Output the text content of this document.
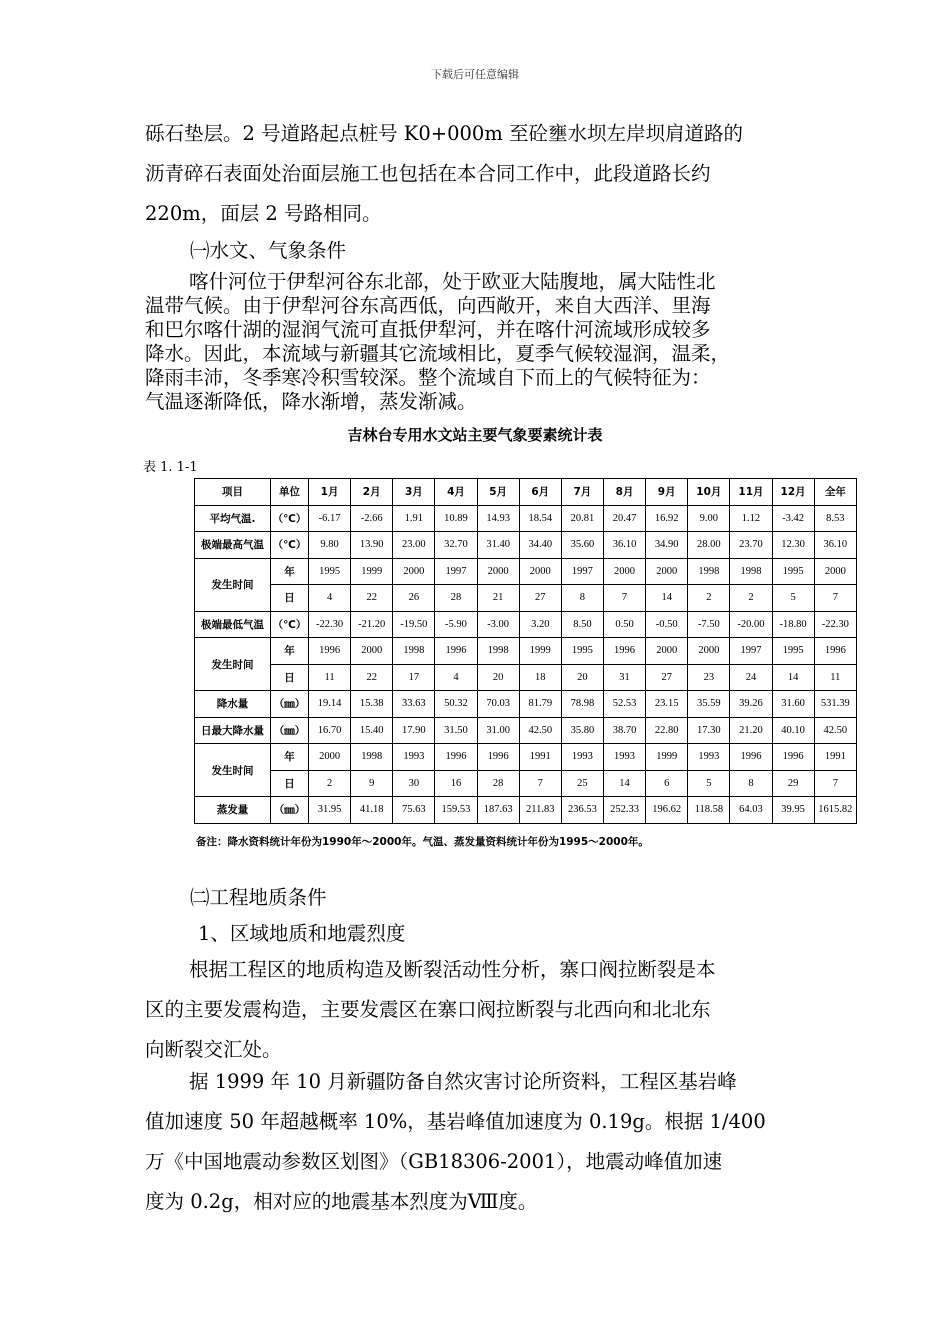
下载后可任意编辑
砾石垫层。2 号道路起点桩号 K0+000m 至砼壅水坝左岸坝肩道路的
沥青碎石表面处治面层施工也包括在本合同工作中，此段道路长约
220m，面层 2 号路相同。
㈠水文、气象条件
喀什河位于伊犁河谷东北部，处于欧亚大陆腹地，属大陆性北
温带气候。由于伊犁河谷东高西低，向西敞开，来自大西洋、里海
和巴尔喀什湖的湿润气流可直抵伊犁河，并在喀什河流域形成较多
降水。因此，本流域与新疆其它流域相比，夏季气候较湿润，温柔，
降雨丰沛，冬季寒冷积雪较深。整个流域自下而上的气候特征为：
气温逐渐降低，降水渐增，蒸发渐减。
吉林台专用水文站主要气象要素统计表
表 1. 1-1
项目	单位	1月	2月	3月	4月	5月	6月	7月	8月	9月	10月	11月	12月	全年
平均气温.	（℃）	-6.17	-2.66	1.91	10.89	14.93	18.54	20.81	20.47	16.92	9.00	1.12	-3.42	8.53
极端最高气温	（℃）	9.80	13.90	23.00	32.70	31.40	34.40	35.60	36.10	34.90	28.00	23.70	12.30	36.10
发生时间	年	1995	1999	2000	1997	2000	2000	1997	2000	2000	1998	1998	1995	2000
	日	4	22	26	28	21	27	8	7	14	2	2	5	7
极端最低气温	（℃）	-22.30	-21.20	-19.50	-5.90	-3.00	3.20	8.50	0.50	-0.50	-7.50	-20.00	-18.80	-22.30
发生时间	年	1996	2000	1998	1996	1998	1999	1995	1996	2000	2000	1997	1995	1996
	日	11	22	17	4	20	18	20	31	27	23	24	14	11
降水量	（㎜）	19.14	15.38	33.63	50.32	70.03	81.79	78.98	52.53	23.15	35.59	39.26	31.60	531.39
日最大降水量	（㎜）	16.70	15.40	17.90	31.50	31.00	42.50	35.80	38.70	22.80	17.30	21.20	40.10	42.50
发生时间	年	2000	1998	1993	1996	1996	1991	1993	1993	1999	1993	1996	1996	1991
	日	2	9	30	16	28	7	25	14	6	5	8	29	7
蒸发量	（㎜）	31.95	41.18	75.63	159.53	187.63	211.83	236.53	252.33	196.62	118.58	64.03	39.95	1615.82
备注：降水资料统计年份为1990年～2000年。气温、蒸发量资料统计年份为1995～2000年。
㈡工程地质条件
1、区域地质和地震烈度
根据工程区的地质构造及断裂活动性分析，寨口阀拉断裂是本
区的主要发震构造，主要发震区在寨口阀拉断裂与北西向和北北东
向断裂交汇处。
据 1999 年 10 月新疆防备自然灾害讨论所资料，工程区基岩峰
值加速度 50 年超越概率 10%，基岩峰值加速度为 0.19g。根据 1/400
万《中国地震动参数区划图》（GB18306-2001），地震动峰值加速
度为 0.2g，相对应的地震基本烈度为Ⅷ度。
